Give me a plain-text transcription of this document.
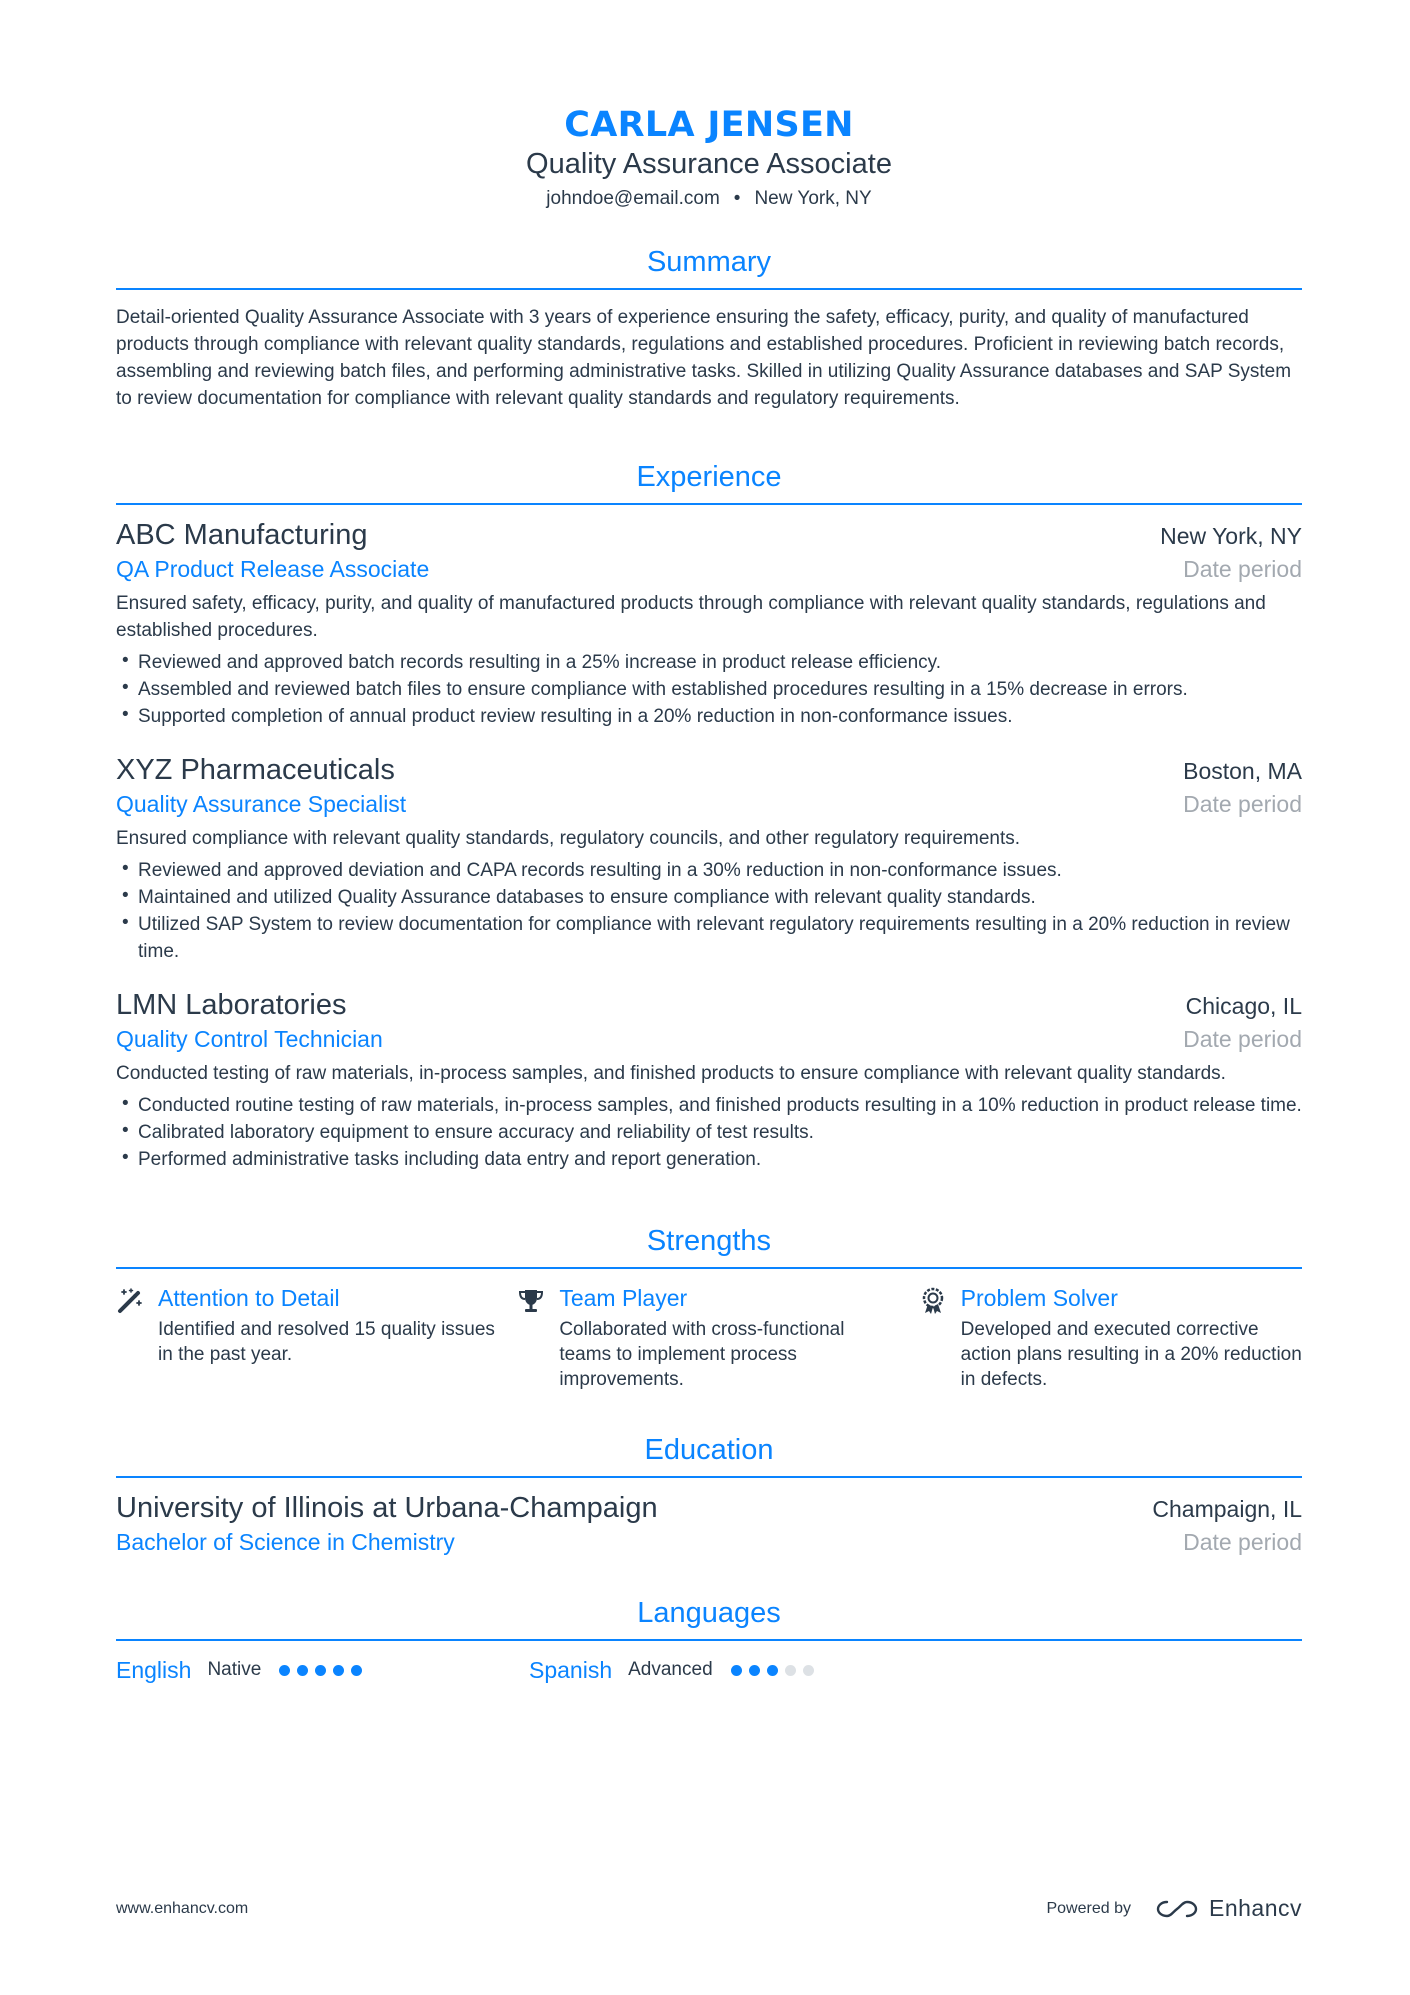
CARLA JENSEN
Quality Assurance Associate
johndoe@email.com • New York, NY
Summary

Detail-oriented Quality Assurance Associate with 3 years of experience ensuring the safety, efficacy, purity, and quality of manufactured products through compliance with relevant quality standards, regulations and established procedures. Proficient in reviewing batch records, assembling and reviewing batch files, and performing administrative tasks. Skilled in utilizing Quality Assurance databases and SAP System to review documentation for compliance with relevant quality standards and regulatory requirements.

Experience
ABC Manufacturing	New York, NY
QA Product Release Associate	Date period

Ensured safety, efficacy, purity, and quality of manufactured products through compliance with relevant quality standards, regulations and established procedures.

• Reviewed and approved batch records resulting in a 25% increase in product release efficiency.
• Assembled and reviewed batch files to ensure compliance with established procedures resulting in a 15% decrease in errors.
• Supported completion of annual product review resulting in a 20% reduction in non-conformance issues.
XYZ Pharmaceuticals	Boston, MA
Quality Assurance Specialist	Date period

Ensured compliance with relevant quality standards, regulatory councils, and other regulatory requirements.

• Reviewed and approved deviation and CAPA records resulting in a 30% reduction in non-conformance issues.
• Maintained and utilized Quality Assurance databases to ensure compliance with relevant quality standards.
• Utilized SAP System to review documentation for compliance with relevant regulatory requirements resulting in a 20% reduction in review time.
LMN Laboratories	Chicago, IL
Quality Control Technician	Date period

Conducted testing of raw materials, in-process samples, and finished products to ensure compliance with relevant quality standards.

• Conducted routine testing of raw materials, in-process samples, and finished products resulting in a 10% reduction in product release time.
• Calibrated laboratory equipment to ensure accuracy and reliability of test results.
• Performed administrative tasks including data entry and report generation.
Strengths
Attention to Detail
Identified and resolved 15 quality issues in the past year.
Team Player
Collaborated with cross-functional teams to implement process improvements.
Problem Solver
Developed and executed corrective action plans resulting in a 20% reduction in defects.
Education
University of Illinois at Urbana-Champaign	Champaign, IL
Bachelor of Science in Chemistry	Date period
Languages
English Native	Spanish Advanced
www.enhancv.com	Powered by	Enhancv
